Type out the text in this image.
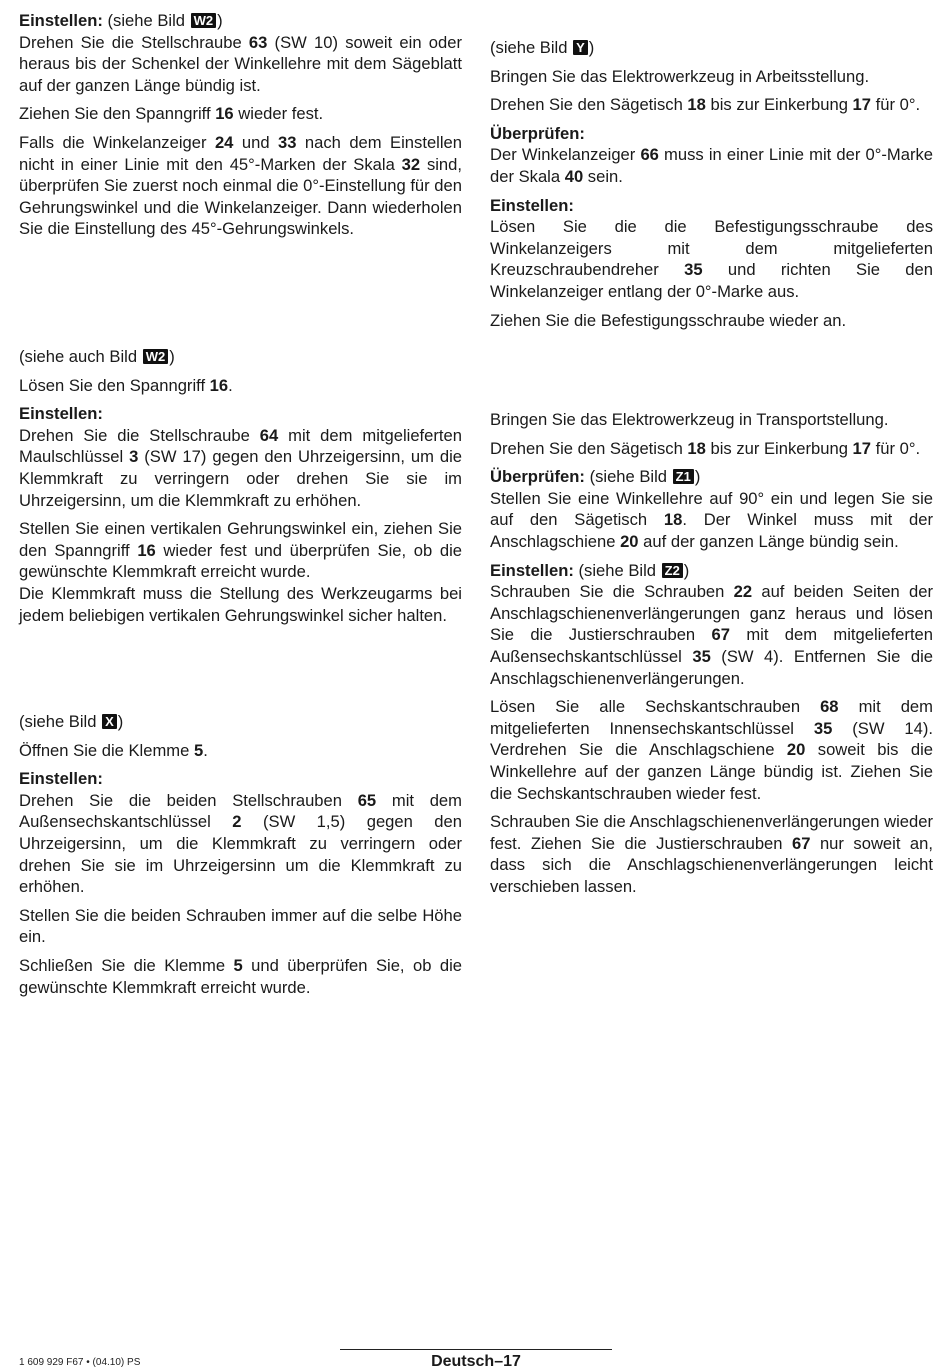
Einstellen: (siehe Bild W2 )

Drehen Sie die Stellschraube 63 (SW 10) soweit ein oder heraus bis der Schenkel der Winkellehre mit dem Sägeblatt auf der ganzen Länge bündig ist.

Ziehen Sie den Spanngriff 16 wieder fest.

Falls die Winkelanzeiger 24 und 33 nach dem Einstellen nicht in einer Linie mit den 45°-Marken der Skala 32 sind, überprüfen Sie zuerst noch einmal die 0°-Einstellung für den Gehrungswinkel und die Winkelanzeiger. Dann wiederholen Sie die Einstellung des 45°-Gehrungswinkels.

(siehe auch Bild W2 )

Lösen Sie den Spanngriff 16.

Einstellen:

Drehen Sie die Stellschraube 64 mit dem mitgelieferten Maulschlüssel 3 (SW 17) gegen den Uhrzeigersinn, um die Klemmkraft zu verringern oder drehen Sie sie im Uhrzeigersinn, um die Klemmkraft zu erhöhen.

Stellen Sie einen vertikalen Gehrungswinkel ein, ziehen Sie den Spanngriff 16 wieder fest und überprüfen Sie, ob die gewünschte Klemmkraft erreicht wurde.

Die Klemmkraft muss die Stellung des Werkzeugarms bei jedem beliebigen vertikalen Gehrungswinkel sicher halten.

(siehe Bild X )

Öffnen Sie die Klemme 5.

Einstellen:

Drehen Sie die beiden Stellschrauben 65 mit dem Außensechskantschlüssel 2 (SW 1,5) gegen den Uhrzeigersinn, um die Klemmkraft zu verringern oder drehen Sie sie im Uhrzeigersinn um die Klemmkraft zu erhöhen.

Stellen Sie die beiden Schrauben immer auf die selbe Höhe ein.

Schließen Sie die Klemme 5 und überprüfen Sie, ob die gewünschte Klemmkraft erreicht wurde.

(siehe Bild Y )

Bringen Sie das Elektrowerkzeug in Arbeitsstellung.

Drehen Sie den Sägetisch 18 bis zur Einkerbung 17 für 0°.

Überprüfen:

Der Winkelanzeiger 66 muss in einer Linie mit der 0°-Marke der Skala 40 sein.

Einstellen:

Lösen Sie die die Befestigungsschraube des Winkelanzeigers mit dem mitgelieferten Kreuzschraubendreher 35 und richten Sie den Winkelanzeiger entlang der 0°-Marke aus.

Ziehen Sie die Befestigungsschraube wieder an.

Bringen Sie das Elektrowerkzeug in Transportstellung.

Drehen Sie den Sägetisch 18 bis zur Einkerbung 17 für 0°.

Überprüfen: (siehe Bild Z1 )

Stellen Sie eine Winkellehre auf 90° ein und legen Sie sie auf den Sägetisch 18. Der Winkel muss mit der Anschlagschiene 20 auf der ganzen Länge bündig sein.

Einstellen: (siehe Bild Z2 )

Schrauben Sie die Schrauben 22 auf beiden Seiten der Anschlagschienenverlängerungen ganz heraus und lösen Sie die Justierschrauben 67 mit dem mitgelieferten Außensechskantschlüssel 35 (SW 4). Entfernen Sie die Anschlagschienenverlängerungen.

Lösen Sie alle Sechskantschrauben 68 mit dem mitgelieferten Innensechskantschlüssel 35 (SW 14). Verdrehen Sie die Anschlagschiene 20 soweit bis die Winkellehre auf der ganzen Länge bündig ist. Ziehen Sie die Sechskantschrauben wieder fest.

Schrauben Sie die Anschlagschienenverlängerungen wieder fest. Ziehen Sie die Justierschrauben 67 nur soweit an, dass sich die Anschlagschienenverlängerungen leicht verschieben lassen.

1 609 929 F67 • (04.10) PS	Deutsch–17
